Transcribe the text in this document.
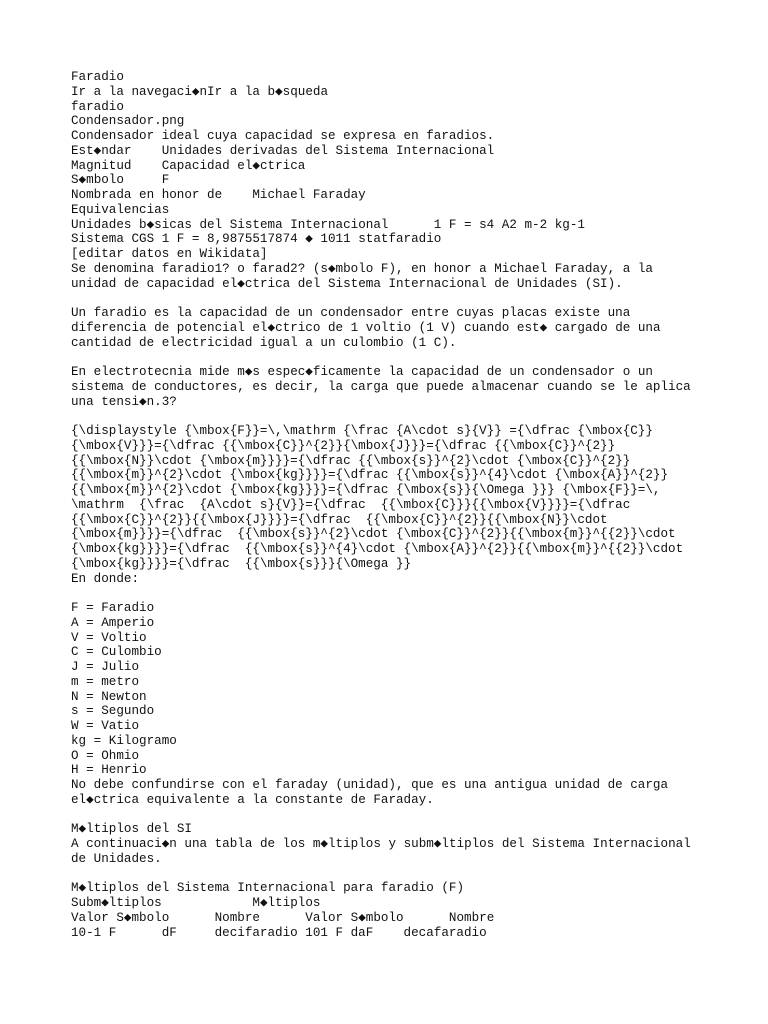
Faradio
Ir a la navegaci◆nIr a la b◆squeda
faradio
Condensador.png
Condensador ideal cuya capacidad se expresa en faradios.
Est◆ndar    Unidades derivadas del Sistema Internacional
Magnitud    Capacidad el◆ctrica
S◆mbolo     F
Nombrada en honor de    Michael Faraday
Equivalencias
Unidades b◆sicas del Sistema Internacional      1 F = s4 A2 m-2 kg-1
Sistema CGS 1 F = 8,9875517874 ◆ 1011 statfaradio
[editar datos en Wikidata]
Se denomina faradio1? o farad2? (s◆mbolo F), en honor a Michael Faraday, a la
unidad de capacidad el◆ctrica del Sistema Internacional de Unidades (SI).
Un faradio es la capacidad de un condensador entre cuyas placas existe una
diferencia de potencial el◆ctrico de 1 voltio (1 V) cuando est◆ cargado de una
cantidad de electricidad igual a un culombio (1 C).
En electrotecnia mide m◆s espec◆ficamente la capacidad de un condensador o un
sistema de conductores, es decir, la carga que puede almacenar cuando se le aplica
una tensi◆n.3?
{\displaystyle {\mbox{F}}=\,\mathrm {\frac {A\cdot s}{V}} ={\dfrac {\mbox{C}}
{\mbox{V}}}={\dfrac {{\mbox{C}}^{2}}{\mbox{J}}}={\dfrac {{\mbox{C}}^{2}}
{{\mbox{N}}\cdot {\mbox{m}}}}={\dfrac {{\mbox{s}}^{2}\cdot {\mbox{C}}^{2}}
{{\mbox{m}}^{2}\cdot {\mbox{kg}}}}={\dfrac {{\mbox{s}}^{4}\cdot {\mbox{A}}^{2}}
{{\mbox{m}}^{2}\cdot {\mbox{kg}}}}={\dfrac {\mbox{s}}{\Omega }}} {\mbox{F}}=\,
\mathrm  {\frac  {A\cdot s}{V}}={\dfrac  {{\mbox{C}}}{{\mbox{V}}}}={\dfrac
{{\mbox{C}}^{2}}{{\mbox{J}}}}={\dfrac  {{\mbox{C}}^{2}}{{\mbox{N}}\cdot
{\mbox{m}}}}={\dfrac  {{\mbox{s}}^{2}\cdot {\mbox{C}}^{2}}{{\mbox{m}}^{{2}}\cdot
{\mbox{kg}}}}={\dfrac  {{\mbox{s}}^{4}\cdot {\mbox{A}}^{2}}{{\mbox{m}}^{{2}}\cdot
{\mbox{kg}}}}={\dfrac  {{\mbox{s}}}{\Omega }}
En donde:
F = Faradio
A = Amperio
V = Voltio
C = Culombio
J = Julio
m = metro
N = Newton
s = Segundo
W = Vatio
kg = Kilogramo
O = Ohmio
H = Henrio
No debe confundirse con el faraday (unidad), que es una antigua unidad de carga
el◆ctrica equivalente a la constante de Faraday.
M◆ltiplos del SI
A continuaci◆n una tabla de los m◆ltiplos y subm◆ltiplos del Sistema Internacional
de Unidades.
M◆ltiplos del Sistema Internacional para faradio (F)
Subm◆ltiplos            M◆ltiplos
Valor S◆mbolo      Nombre      Valor S◆mbolo      Nombre
10-1 F      dF     decifaradio 101 F daF    decafaradio
